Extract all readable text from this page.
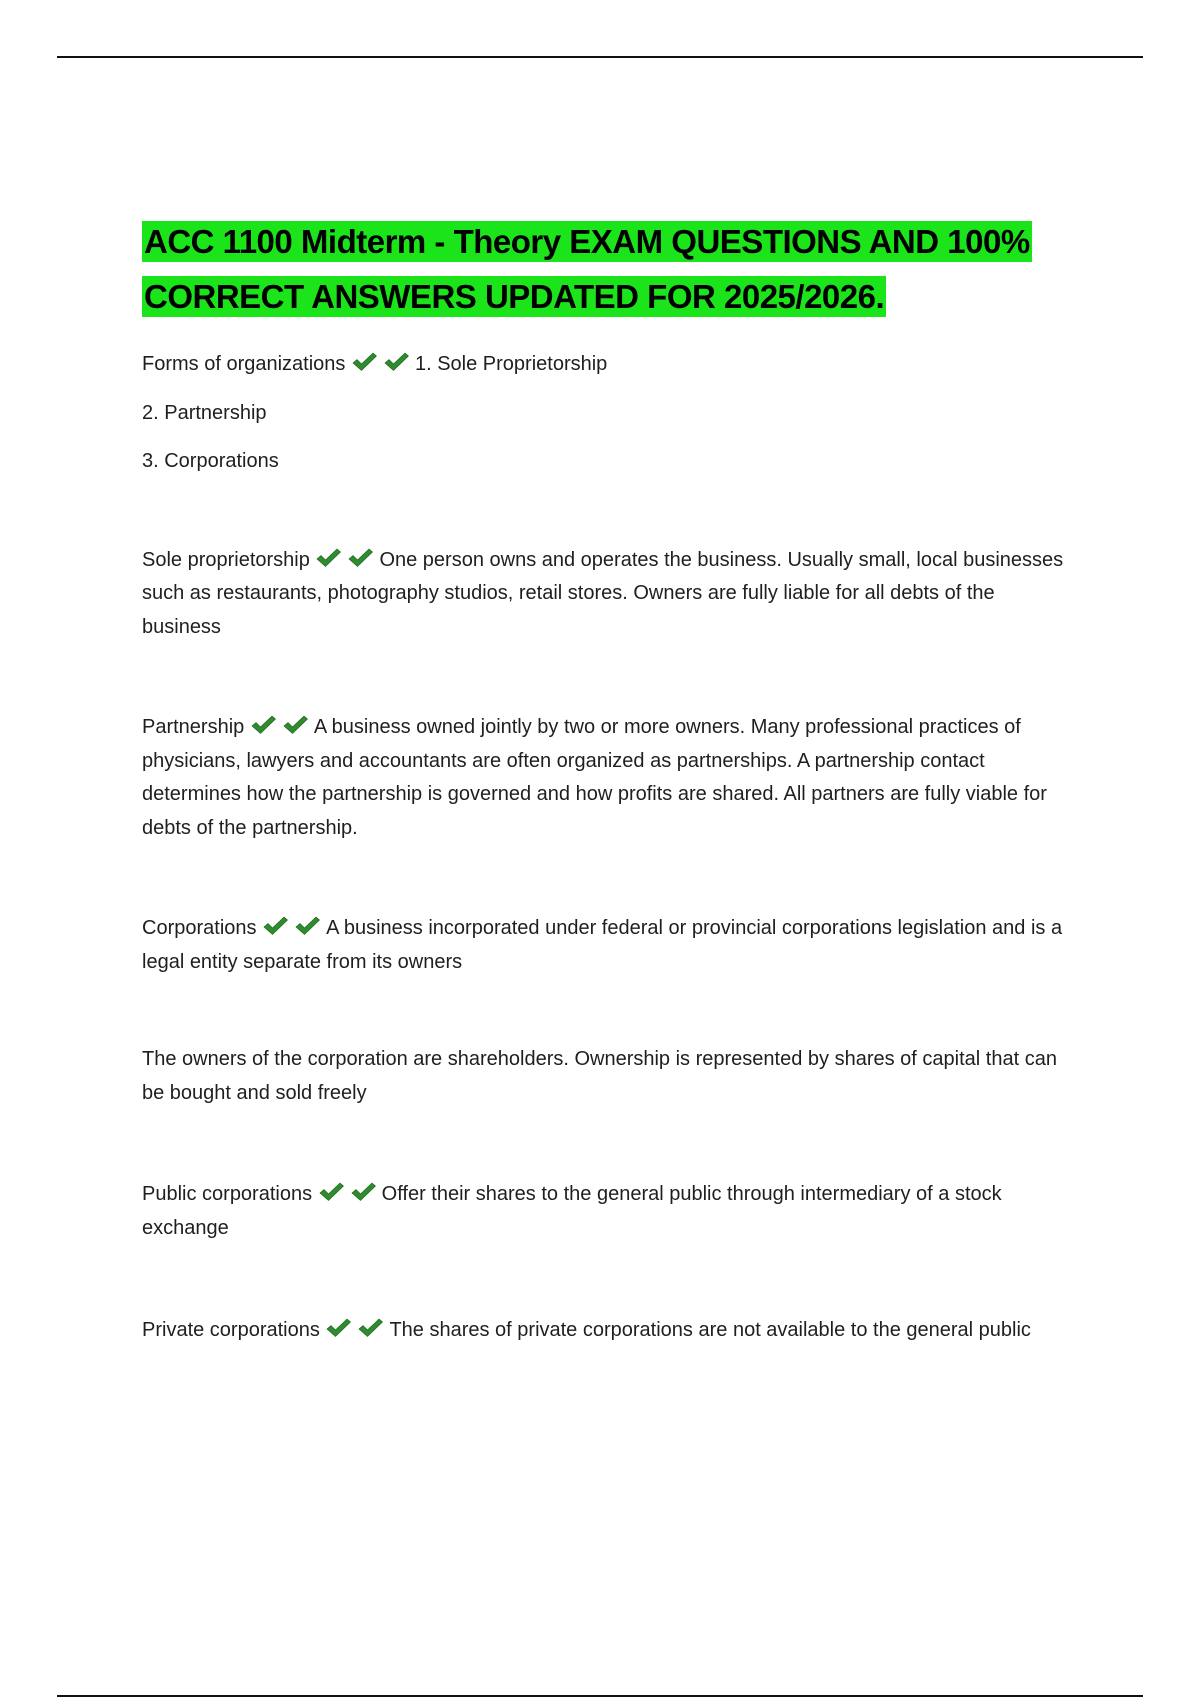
ACC 1100 Midterm - Theory EXAM QUESTIONS AND 100% CORRECT ANSWERS UPDATED FOR 2025/2026.

Forms of organizations	1. Sole Proprietorship

2. Partnership

3. Corporations

Sole proprietorship	One person owns and operates the business. Usually small, local businesses such as restaurants, photography studios, retail stores. Owners are fully liable for all debts of the business

Partnership	A business owned jointly by two or more owners. Many professional practices of physicians, lawyers and accountants are often organized as partnerships. A partnership contact determines how the partnership is governed and how profits are shared. All partners are fully viable for debts of the partnership.

Corporations	A business incorporated under federal or provincial corporations legislation and is a legal entity separate from its owners

The owners of the corporation are shareholders. Ownership is represented by shares of capital that can be bought and sold freely

Public corporations	Offer their shares to the general public through intermediary of a stock exchange

Private corporations	The shares of private corporations are not available to the general public
